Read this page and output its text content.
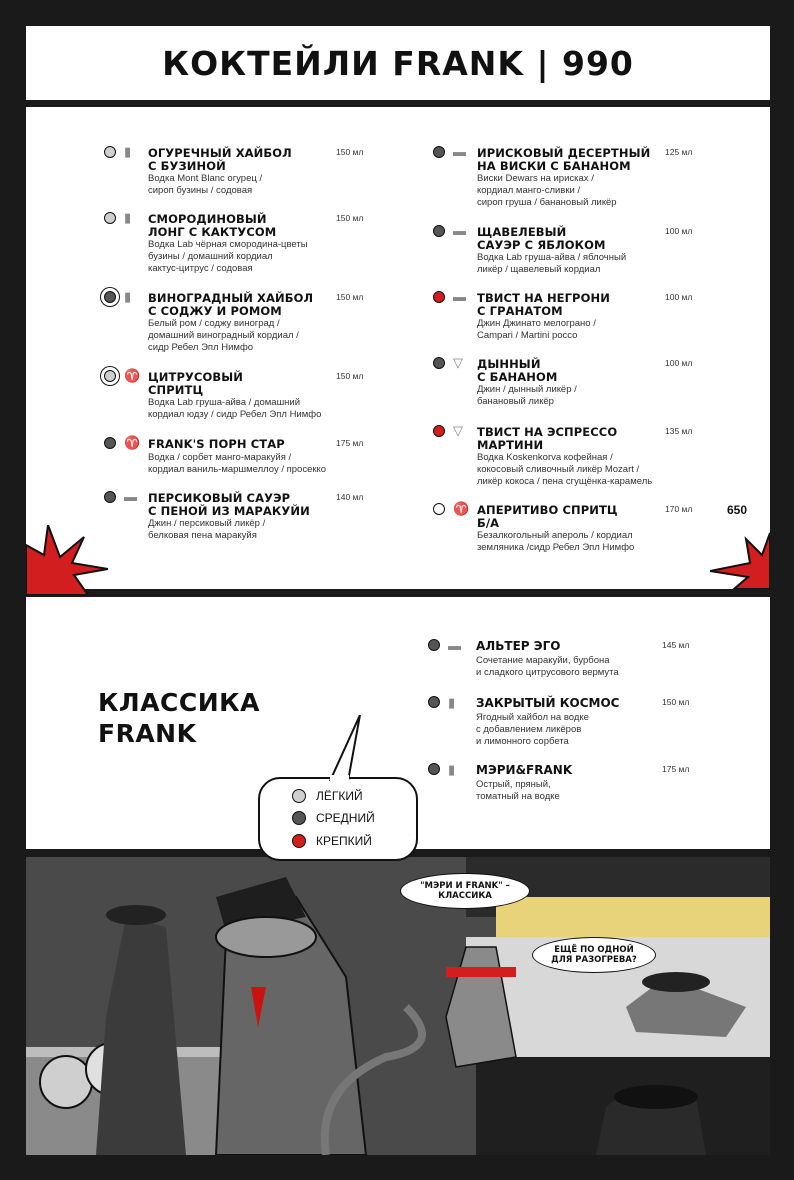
КОКТЕЙЛИ FRANK | 990
▮ ОГУРЕЧНЫЙ ХАЙБОЛ
С БУЗИНОЙ
150 мл
Водка Mont Blanc огурец /
сироп бузины / содовая
▮ СМОРОДИНОВЫЙ
ЛОНГ С КАКТУСОМ
150 мл
Водка Lab чёрная смородина-цветы
бузины / домашний кордиал
кактус-цитрус / содовая
▮ ВИНОГРАДНЫЙ ХАЙБОЛ
С СОДЖУ И РОМОМ
150 мл
Белый ром / соджу виноград /
домашний виноградный кордиал /
сидр Ребел Эпл Нимфо
♈ ЦИТРУСОВЫЙ
СПРИТЦ
150 мл
Водка Lab груша-айва / домашний
кордиал юдзу / сидр Ребел Эпл Нимфо
♈ FRANK'S ПОРН СТАР	175 мл
Водка / сорбет манго-маракуйя /
кордиал ваниль-маршмеллоу / просекко
▬ ПЕРСИКОВЫЙ САУЭР
С ПЕНОЙ ИЗ МАРАКУЙИ
140 мл
Джин / персиковый ликёр /
белковая пена маракуйя
▬ ИРИСКОВЫЙ ДЕСЕРТНЫЙ
НА ВИСКИ С БАНАНОМ
125 мл
Виски Dewars на ирисках /
кордиал манго-сливки /
сироп груша / банановый ликёр
▬ ЩАВЕЛЕВЫЙ
САУЭР С ЯБЛОКОМ
100 мл
Водка Lab груша-айва / яблочный
ликёр / щавелевый кордиал
▬ ТВИСТ НА НЕГРОНИ
С ГРАНАТОМ
100 мл
Джин Джинато мелограно /
Campari / Martini россо
▽ ДЫННЫЙ
С БАНАНОМ
100 мл
Джин / дынный ликёр /
банановый ликёр
▽ ТВИСТ НА ЭСПРЕССО
МАРТИНИ
135 мл
Водка Koskenkorva кофейная /
кокосовый сливочный ликёр Mozart /
ликёр кокоса / пена сгущёнка-карамель
♈ АПЕРИТИВО СПРИТЦ
Б/А
170 мл	650
Безалкогольный апероль / кордиал
земляника /сидр Ребел Эпл Нимфо
КЛАССИКА
FRANK
▬ АЛЬТЕР ЭГО	145 мл
Сочетание маракуйи, бурбона
и сладкого цитрусового вермута
▮ ЗАКРЫТЫЙ КОСМОС	150 мл
Ягодный хайбол на водке
с добавлением ликёров
и лимонного сорбета
▮ МЭРИ&FRANK	175 мл
Острый, пряный,
томатный на водке
ЛЁГКИЙ
СРЕДНИЙ
КРЕПКИЙ
"МЭРИ И FRANK" –
КЛАССИКА
ЕЩЁ ПО ОДНОЙ
ДЛЯ РАЗОГРЕВА?
